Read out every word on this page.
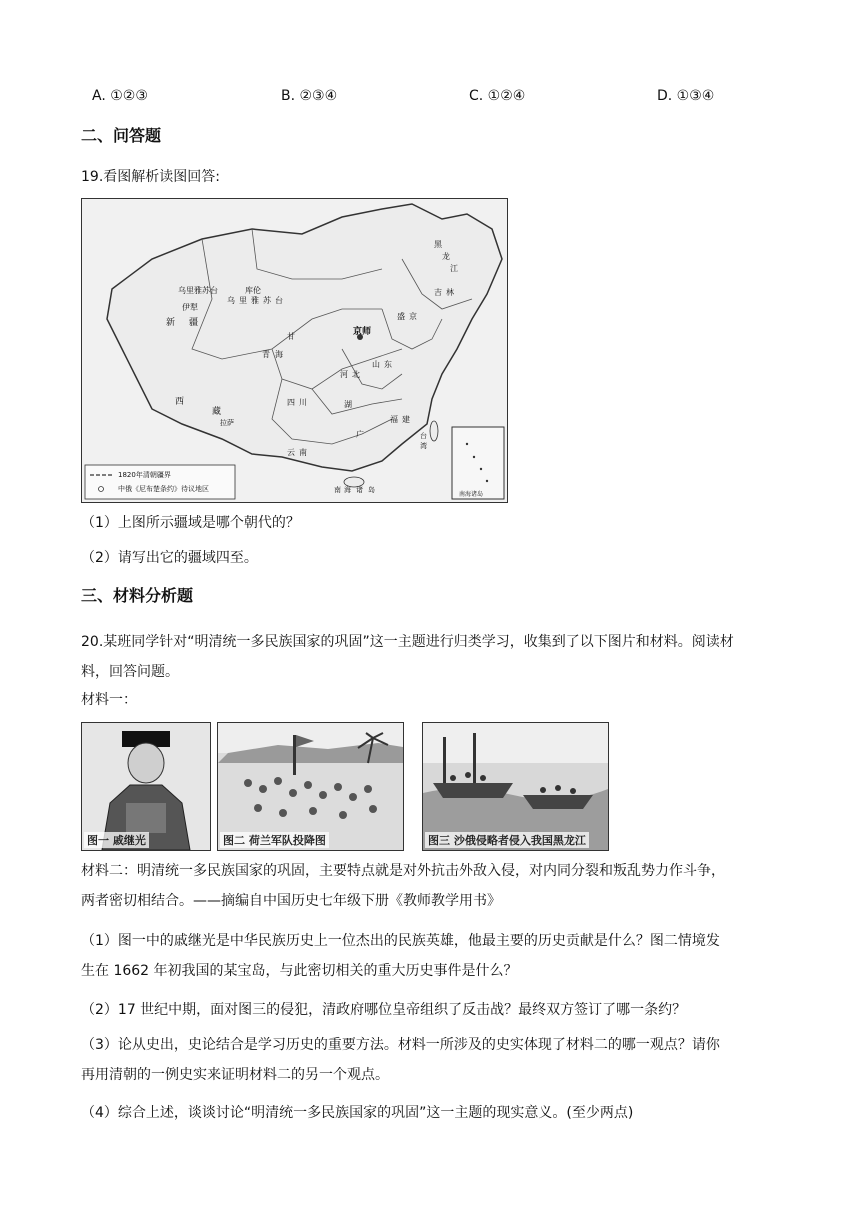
A. ①②③	B. ②③④	C. ①②④	D. ①③④
二、问答题
19.看图解析读图回答:
乌里雅苏台	库伦
伊犁
新 疆
乌 里 雅 苏 台
京师
甘
青 海
西
藏
拉萨
四 川
云 南
湖
广
福 建
台
湾
南 海 诸 岛
黑
龙
江
吉 林
盛 京
山 东
河 北
南海诸岛
1820年清朝疆界
中俄《尼布楚条约》待议地区
（1）上图所示疆域是哪个朝代的？
（2）请写出它的疆域四至。
三、材料分析题
20.某班同学针对“明清统一多民族国家的巩固”这一主题进行归类学习，收集到了以下图片和材料。阅读材
料，回答问题。
材料一：
图一 戚继光	图二 荷兰军队投降图	图三 沙俄侵略者侵入我国黑龙江
材料二：明清统一多民族国家的巩固，主要特点就是对外抗击外敌入侵，对内同分裂和叛乱势力作斗争，
两者密切相结合。——摘编自中国历史七年级下册《教师教学用书》
（1）图一中的戚继光是中华民族历史上一位杰出的民族英雄，他最主要的历史贡献是什么？图二情境发
生在 1662 年初我国的某宝岛，与此密切相关的重大历史事件是什么？
（2）17 世纪中期，面对图三的侵犯，清政府哪位皇帝组织了反击战？最终双方签订了哪一条约？
（3）论从史出，史论结合是学习历史的重要方法。材料一所涉及的史实体现了材料二的哪一观点？请你
再用清朝的一例史实来证明材料二的另一个观点。
（4）综合上述，谈谈讨论“明清统一多民族国家的巩固”这一主题的现实意义。(至少两点)
